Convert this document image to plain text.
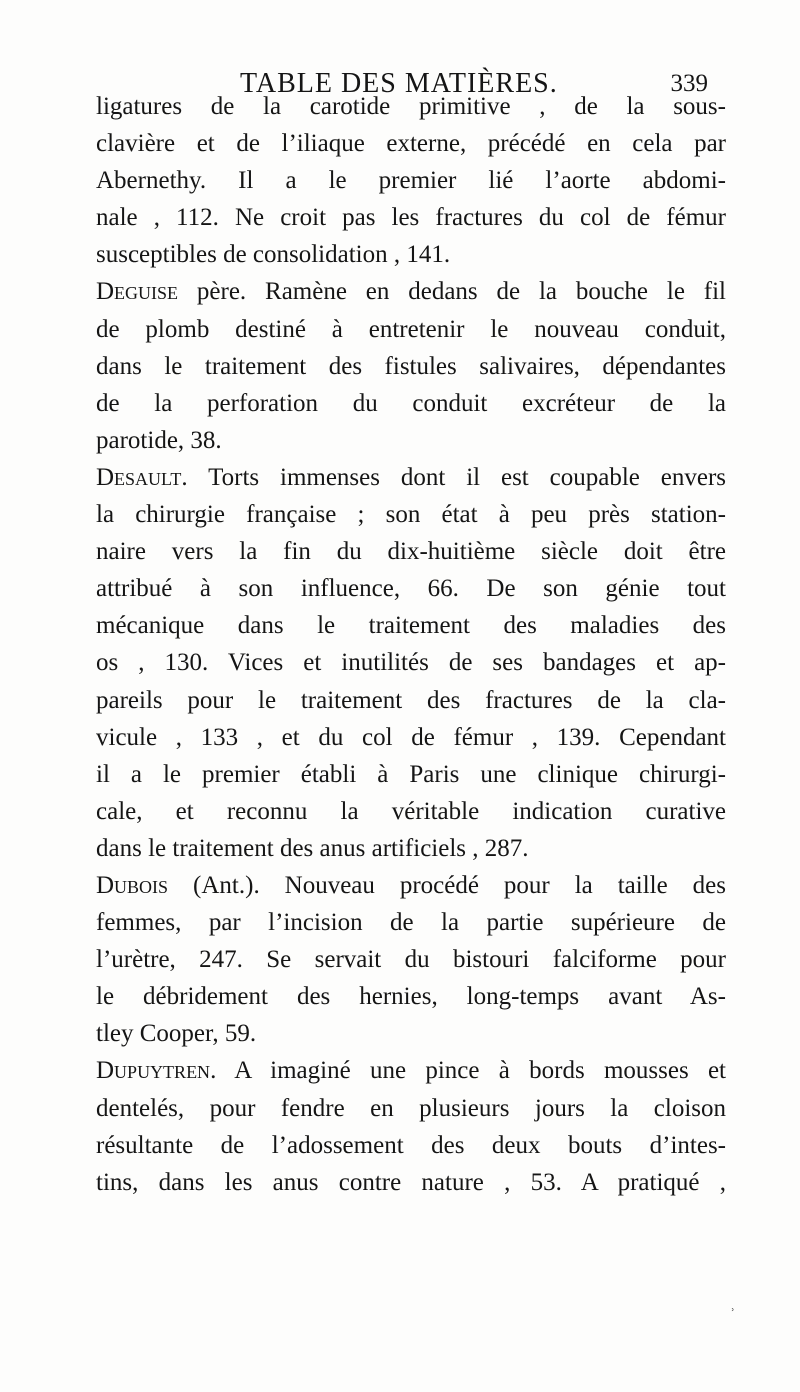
TABLE DES MATIÈRES.	339
ligatures de la carotide primitive , de la sous-
clavière et de l’iliaque externe, précédé en cela par
Abernethy. Il a le premier lié l’aorte abdomi-
nale , 112. Ne croit pas les fractures du col de fémur
susceptibles de consolidation , 141.
Deguise père. Ramène en dedans de la bouche le fil
de plomb destiné à entretenir le nouveau conduit,
dans le traitement des fistules salivaires, dépendantes
de la perforation du conduit excréteur de la
parotide, 38.
Desault. Torts immenses dont il est coupable envers
la chirurgie française ; son état à peu près station-
naire vers la fin du dix-huitième siècle doit être
attribué à son influence, 66. De son génie tout
mécanique dans le traitement des maladies des
os , 130. Vices et inutilités de ses bandages et ap-
pareils pour le traitement des fractures de la cla-
vicule , 133 , et du col de fémur , 139. Cependant
il a le premier établi à Paris une clinique chirurgi-
cale, et reconnu la véritable indication curative
dans le traitement des anus artificiels , 287.
Dubois (Ant.). Nouveau procédé pour la taille des
femmes, par l’incision de la partie supérieure de
l’urètre, 247. Se servait du bistouri falciforme pour
le débridement des hernies, long-temps avant As-
tley Cooper, 59.
Dupuytren. A imaginé une pince à bords mousses et
dentelés, pour fendre en plusieurs jours la cloison
résultante de l’adossement des deux bouts d’intes-
tins, dans les anus contre nature , 53. A pratiqué ,
˒
